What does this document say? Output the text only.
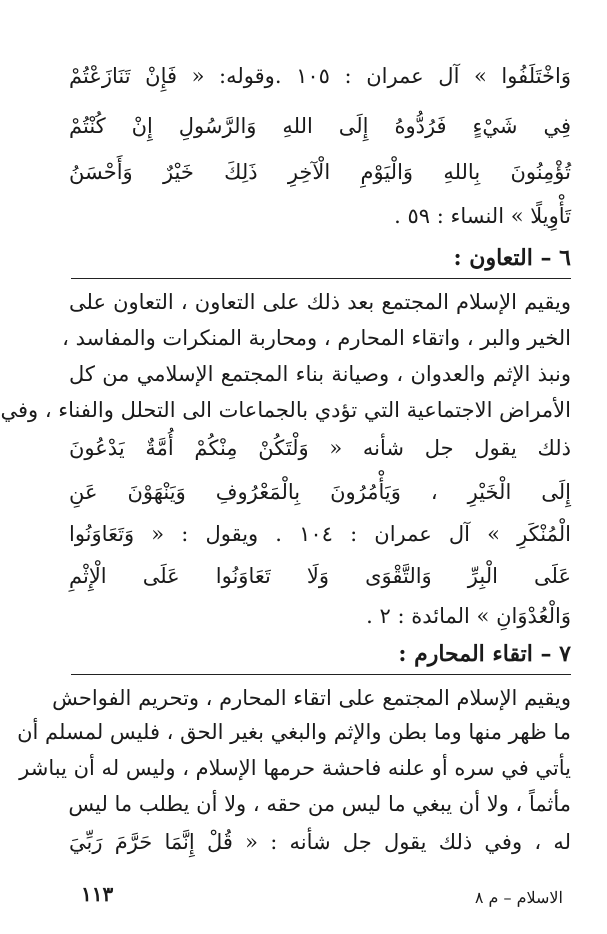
وَاخْتَلَفُوا » آل عمران : ١٠٥ .وقوله: « فَإِنْ تَنَازَعْتُمْ
فِي شَيْءٍ فَرُدُّوهُ إِلَى اللهِ وَالرَّسُولِ إِنْ كُنْتُمْ
تُؤْمِنُونَ بِاللهِ وَالْيَوْمِ الْآخِرِ ذَلِكَ خَيْرٌ وَأَحْسَنُ
تَأْوِيلًا » النساء : ٥٩ .
٦ – التعاون :
ويقيم الإسلام المجتمع بعد ذلك على التعاون ، التعاون على
الخير والبر ، واتقاء المحارم ، ومحاربة المنكرات والمفاسد ،
ونبذ الإثم والعدوان ، وصيانة بناء المجتمع الإسلامي من كل
الأمراض الاجتماعية التي تؤدي بالجماعات الى التحلل والفناء ، وفي
ذلك يقول جل شأنه « وَلْتَكُنْ مِنْكُمْ أُمَّةٌ يَدْعُونَ
إِلَى الْخَيْرِ ، وَيَأْمُرُونَ بِالْمَعْرُوفِ وَيَنْهَوْنَ عَنِ
الْمُنْكَرِ » آل عمران : ١٠٤ . ويقول : « وَتَعَاوَنُوا
عَلَى الْبِرِّ وَالتَّقْوَى وَلَا تَعَاوَنُوا عَلَى الْإِثْمِ
وَالْعُدْوَانِ » المائدة : ٢ .
٧ – اتقاء المحارم :
ويقيم الإسلام المجتمع على اتقاء المحارم ، وتحريم الفواحش
ما ظهر منها وما بطن والإثم والبغي بغير الحق ، فليس لمسلم أن
يأتي في سره أو علنه فاحشة حرمها الإسلام ، وليس له أن يباشر
مأثماً ، ولا أن يبغي ما ليس من حقه ، ولا أن يطلب ما ليس
له ، وفي ذلك يقول جل شأنه : « قُلْ إِنَّمَا حَرَّمَ رَبِّيَ
١١٣	الاسلام – م ٨
